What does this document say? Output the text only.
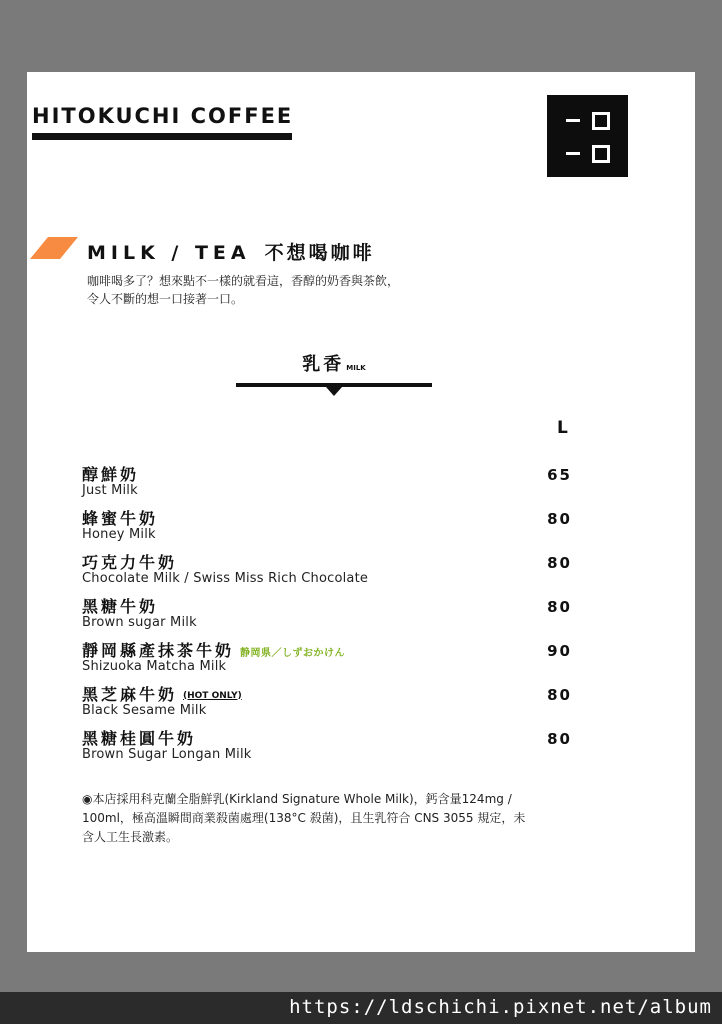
HITOKUCHI COFFEE
MILK / TEA 不想喝咖啡
咖啡喝多了？想來點不一樣的就看這，香醇的奶香與茶飲，
令人不斷的想一口接著一口。
乳香 MILK
L
醇鮮奶
Just Milk
65
蜂蜜牛奶
Honey Milk
80
巧克力牛奶
Chocolate Milk / Swiss Miss Rich Chocolate
80
黑糖牛奶
Brown sugar Milk
80
靜岡縣產抹茶牛奶 静岡県／しずおかけん
Shizuoka Matcha Milk
90
黑芝麻牛奶 (HOT ONLY)
Black Sesame Milk
80
黑糖桂圓牛奶
Brown Sugar Longan Milk
80
◉本店採用科克蘭全脂鮮乳(Kirkland Signature Whole Milk)，鈣含量124mg /
100ml，極高溫瞬間商業殺菌處理(138°C 殺菌)，且生乳符合 CNS 3055 規定，未
含人工生長激素。
https://ldschichi.pixnet.net/album
